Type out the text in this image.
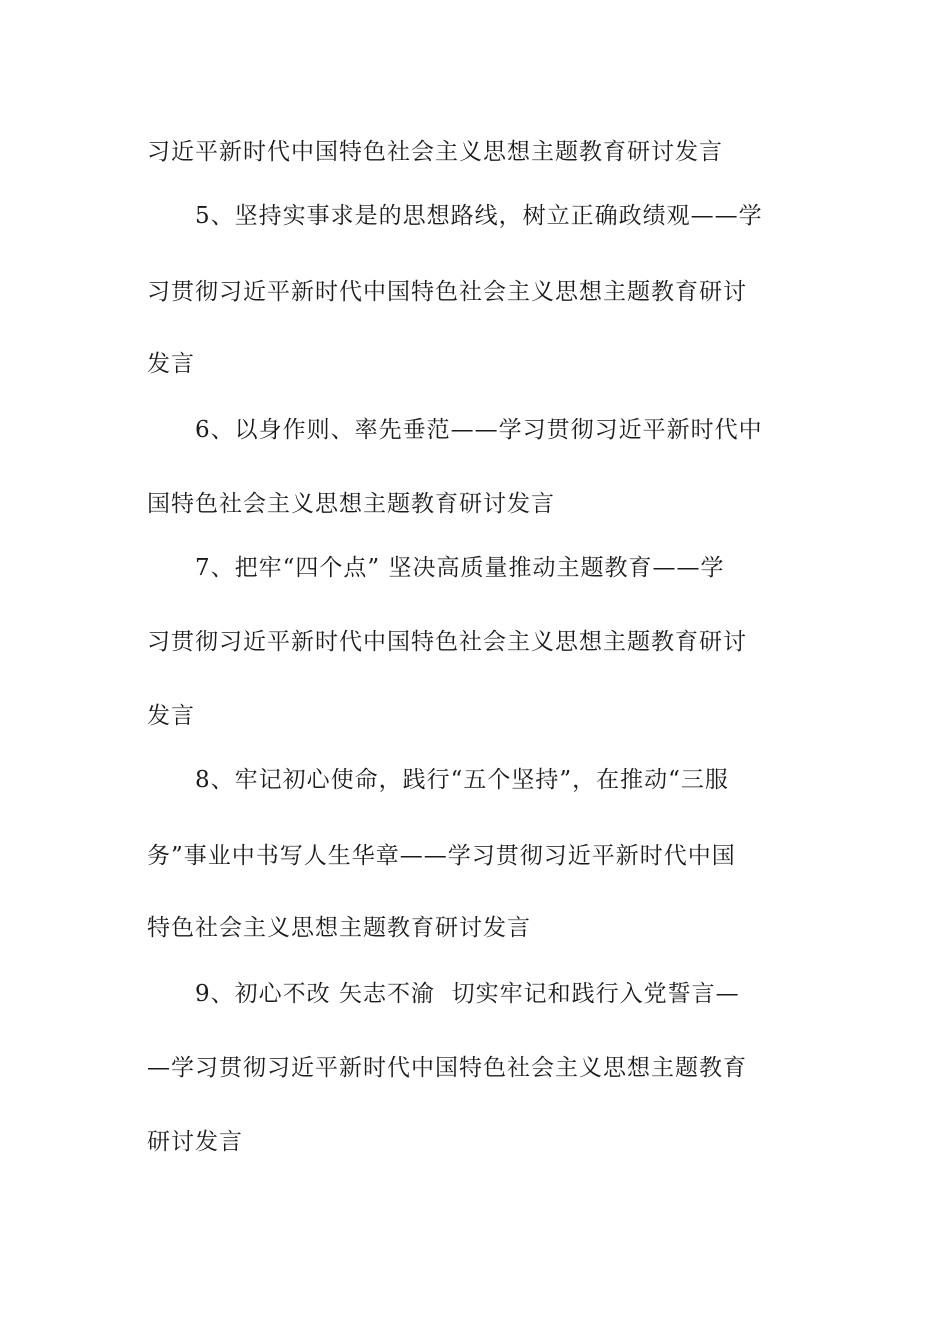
习近平新时代中国特色社会主义思想主题教育研讨发言
5、坚持实事求是的思想路线，树立正确政绩观——学
习贯彻习近平新时代中国特色社会主义思想主题教育研讨
发言
6、以身作则、率先垂范——学习贯彻习近平新时代中
国特色社会主义思想主题教育研讨发言
7、把牢“四个点” 坚决高质量推动主题教育——学
习贯彻习近平新时代中国特色社会主义思想主题教育研讨
发言
8、牢记初心使命，践行“五个坚持”，在推动“三服
务”事业中书写人生华章——学习贯彻习近平新时代中国
特色社会主义思想主题教育研讨发言
9、初心不改 矢志不渝  切实牢记和践行入党誓言—
—学习贯彻习近平新时代中国特色社会主义思想主题教育
研讨发言
